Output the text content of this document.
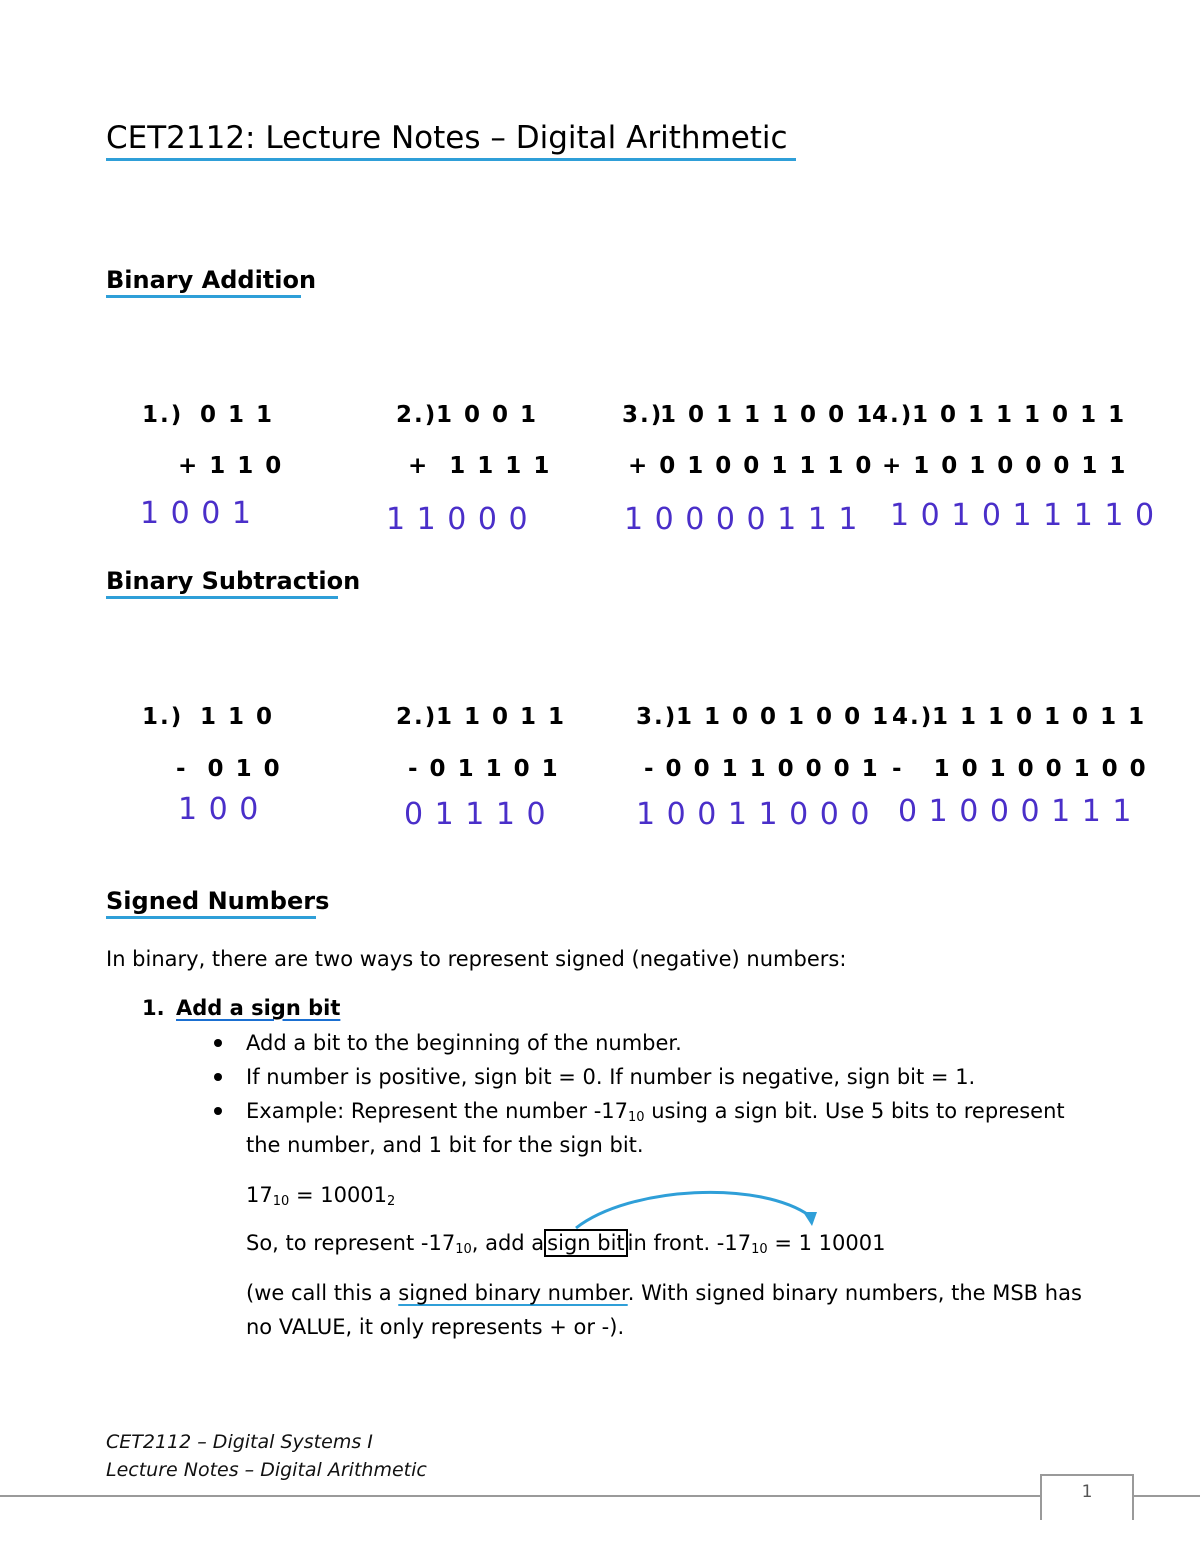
CET2112: Lecture Notes – Digital Arithmetic
Binary Addition
1.) 0 1 1
+ 1 1 0
1 0 0 1
2.)
1 0 0 1
+  1 1 1 1
1 1 0 0 0
3.)
1 0 1 1 1 0 0 1
+ 0 1 0 0 1 1 1 0
1 0 0 0 0 1 1 1
4.)
1 0 1 1 1 0 1 1
+ 1 0 1 0 0 0 1 1
1 0 1 0 1 1 1 1 0
Binary Subtraction
1.) 1 1 0
-  0 1 0
1 0 0
2.)
1 1 0 1 1
- 0 1 1 0 1
0 1 1 1 0
3.)
1 1 0 0 1 0 0 1
- 0 0 1 1 0 0 0 1
1 0 0 1 1 0 0 0
4.)
1 1 1 0 1 0 1 1
-   1 0 1 0 0 1 0 0
0 1 0 0 0 1 1 1
Signed Numbers
In binary, there are two ways to represent signed (negative) numbers:
1. Add a sign bit
Add a bit to the beginning of the number.
If number is positive, sign bit = 0. If number is negative, sign bit = 1.
Example: Represent the number $-17_{10}$ using a sign bit. Use 5 bits to represent
the number, and 1 bit for the sign bit.
$17_{10} = 10001_2$
So, to represent $-17_{10}$, add a sign bit in front. $-17_{10} = 1$ 10001
(we call this a signed binary number. With signed binary numbers, the MSB has
no VALUE, it only represents + or -).
CET2112 – Digital Systems I
Lecture Notes – Digital Arithmetic
1
